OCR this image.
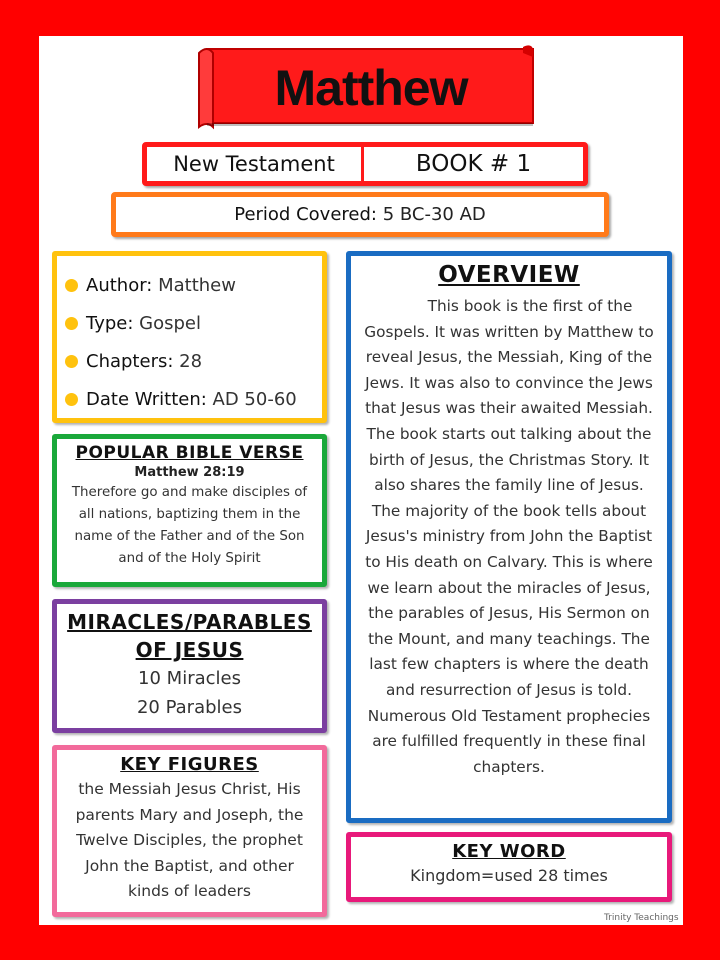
Matthew
New Testament	BOOK # 1
Period Covered: 5 BC-30 AD
Author: Matthew
Type: Gospel
Chapters: 28
Date Written: AD 50-60
POPULAR BIBLE VERSE
Matthew 28:19
Therefore go and make disciples of all nations, baptizing them in the name of the Father and of the Son and of the Holy Spirit
MIRACLES/PARABLES OF JESUS
10 Miracles
20 Parables
KEY FIGURES
the Messiah Jesus Christ, His parents Mary and Joseph, the Twelve Disciples, the prophet John the Baptist, and other kinds of leaders
OVERVIEW
This book is the first of the Gospels. It was written by Matthew to reveal Jesus, the Messiah, King of the Jews. It was also to convince the Jews that Jesus was their awaited Messiah. The book starts out talking about the birth of Jesus, the Christmas Story. It also shares the family line of Jesus. The majority of the book tells about Jesus's ministry from John the Baptist to His death on Calvary. This is where we learn about the miracles of Jesus, the parables of Jesus, His Sermon on the Mount, and many teachings. The last few chapters is where the death and resurrection of Jesus is told. Numerous Old Testament prophecies are fulfilled frequently in these final chapters.
KEY WORD
Kingdom=used 28 times
Trinity Teachings
